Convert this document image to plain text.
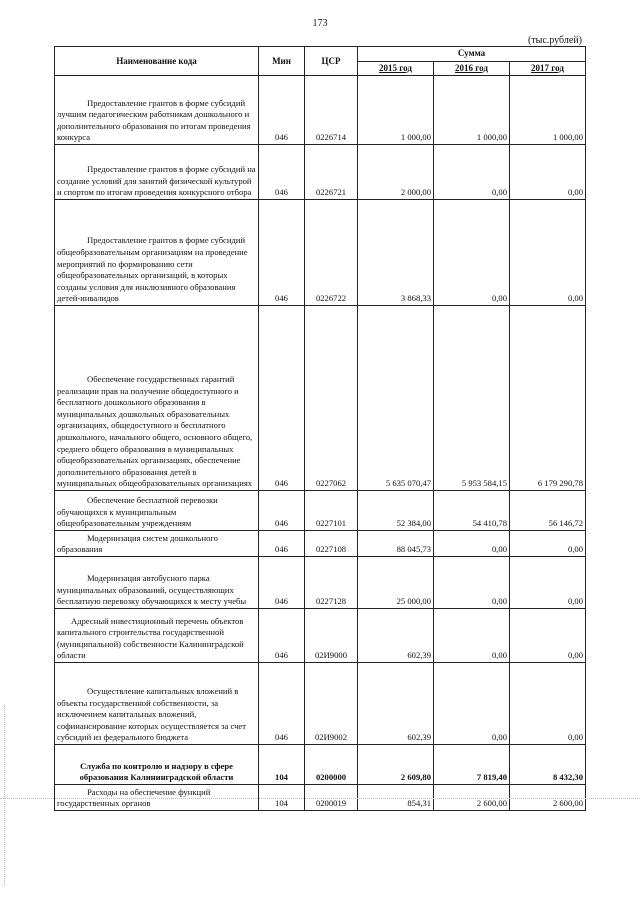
173
(тыс.рублей)
Наименование кода	Мин	ЦСР	Сумма		
			2015 год	2016 год	2017 год
Предоставление грантов в форме субсидий лучшим педагогическим работникам дошкольного и дополнительного образования по итогам проведения конкурса	046	0226714	1 000,00	1 000,00	1 000,00
Предоставление грантов в форме субсидий на создание условий для занятий физической культурой и спортом по итогам проведения конкурсного отбора	046	0226721	2 000,00	0,00	0,00
Предоставление грантов в форме субсидий общеобразовательным организациям на проведение мероприятий по формированию сети общеобразовательных организаций, в которых созданы условия для инклюзивного образования детей-инвалидов	046	0226722	3 868,33	0,00	0,00
Обеспечение государственных гарантий реализации прав на получение общедоступного и бесплатного дошкольного образования в муниципальных дошкольных образовательных организациях, общедоступного и бесплатного дошкольного, начального общего, основного общего, среднего общего образования в муниципальных общеобразовательных организациях, обеспечение дополнительного образования детей в муниципальных общеобразовательных организациях	046	0227062	5 635 070,47	5 953 584,15	6 179 290,78
Обеспечение бесплатной перевозки обучающихся к муниципальным общеобразовательным учреждениям	046	0227101	52 384,00	54 410,78	56 146,72
Модернизация систем дошкольного образования	046	0227108	88 045,73	0,00	0,00
Модернизация автобусного парка муниципальных образований, осуществляющих бесплатную перевозку обучающихся к месту учебы	046	0227128	25 000,00	0,00	0,00
Адресный инвестиционный перечень объектов капитального строительства государственной (муниципальной) собственности Калининградской области	046	02И9000	602,39	0,00	0,00
Осуществление капитальных вложений в объекты государственной собственности, за исключением капитальных вложений, софинансирование которых осуществляется за счет субсидий из федерального бюджета	046	02И9002	602,39	0,00	0,00
Служба по контролю и надзору в сфере образования Калининградской области	104	0200000	2 609,80	7 819,40	8 432,30
Расходы на обеспечение функций государственных органов	104	0200019	854,31	2 600,00	2 600,00
